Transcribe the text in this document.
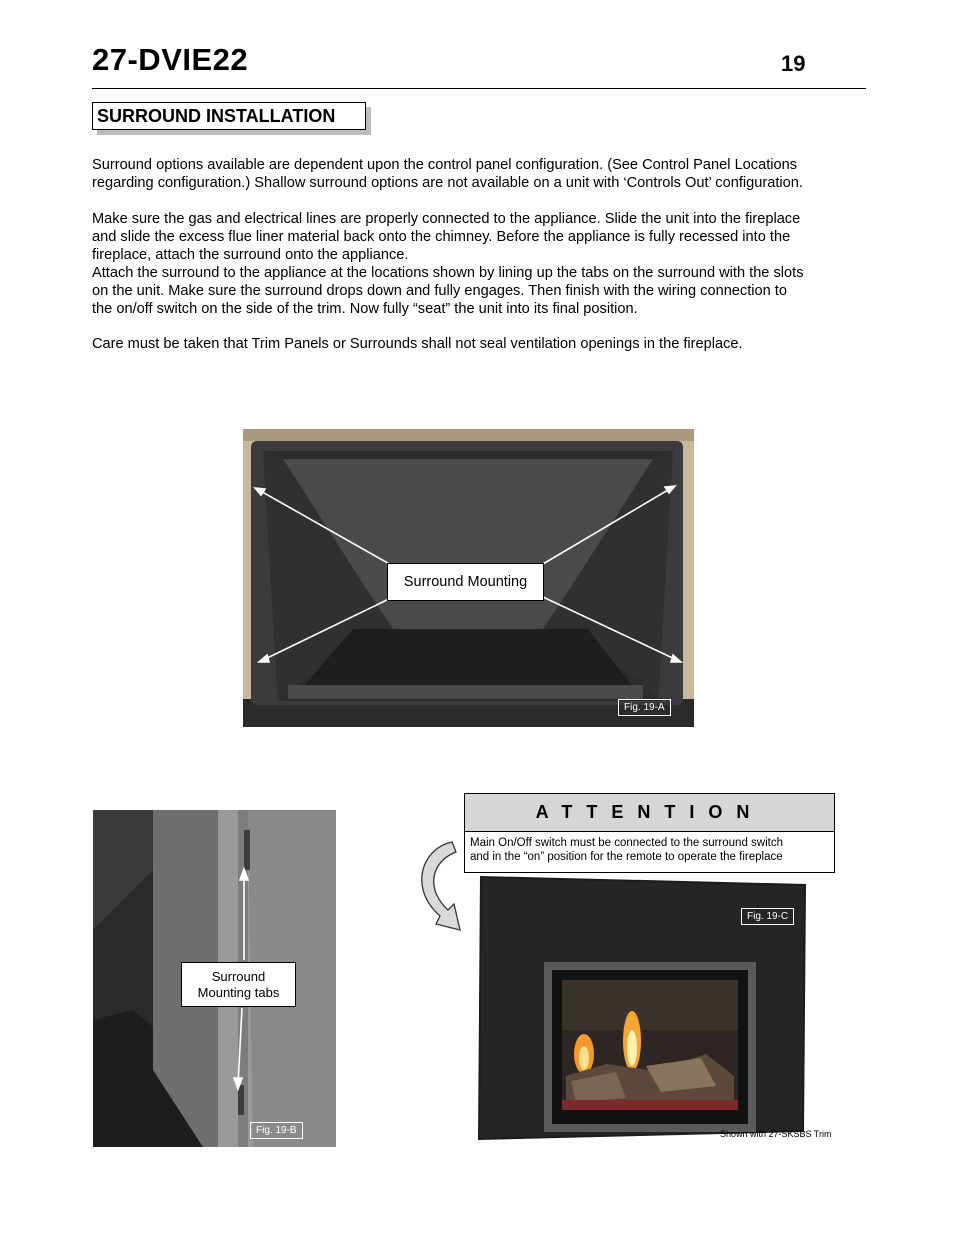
27-DVIE22	19
SURROUND INSTALLATION
Surround options available are dependent upon the control panel configuration. (See Control Panel Locations
regarding configuration.) Shallow surround options are not available on a unit with ‘Controls Out’ configuration.
Make sure the gas and electrical lines are properly connected to the appliance. Slide the unit into the fireplace
and slide the excess flue liner material back onto the chimney. Before the appliance is fully recessed into the
fireplace, attach the surround onto the appliance.
Attach the surround to the appliance at the locations shown by lining up the tabs on the surround with the slots
on the unit. Make sure the surround drops down and fully engages. Then finish with the wiring connection to
the on/off switch on the side of the trim. Now fully “seat” the unit into its final position.
Care must be taken that Trim Panels or Surrounds shall not seal ventilation openings in the fireplace.
Surround Mounting
Fig. 19-A
Surround
Mounting tabs
Fig. 19-B
ATTENTION
Main On/Off switch must be connected to the surround switch
and in the “on” position for the remote to operate the fireplace
Fig. 19-C
Shown with 27-SKSBS Trim
